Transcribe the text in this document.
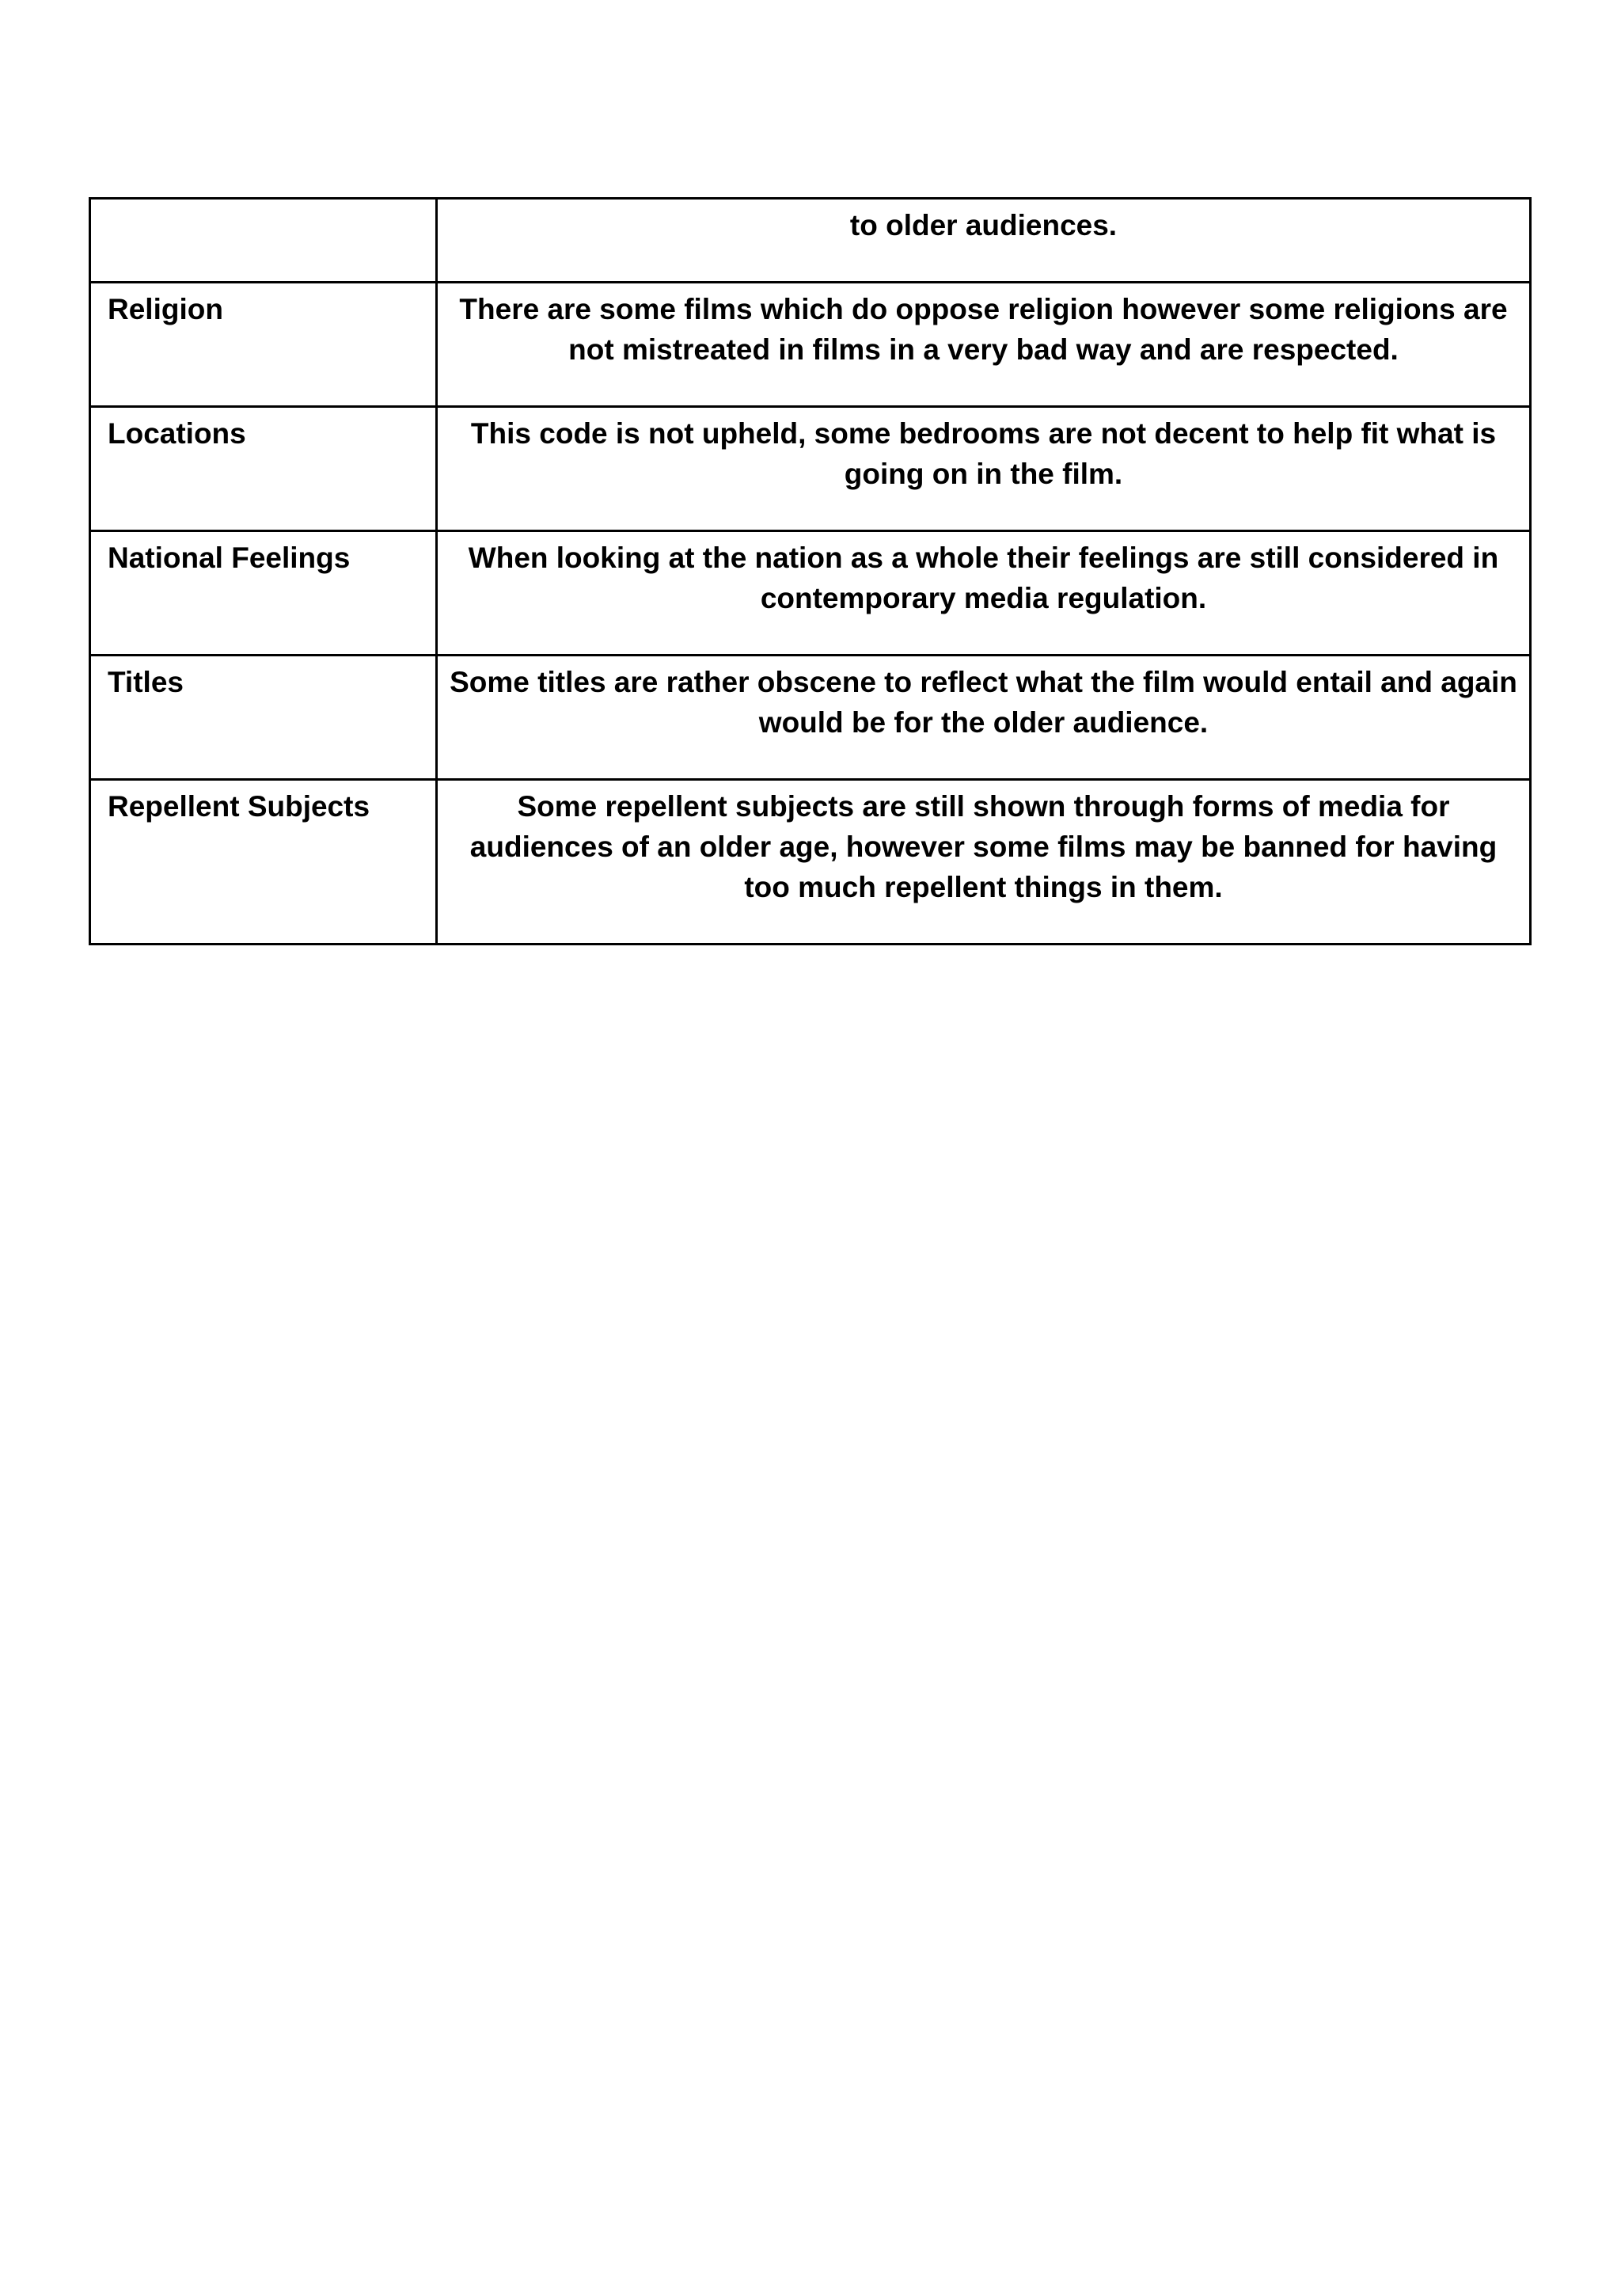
	to older audiences.
Religion	There are some films which do oppose religion however some religions are not mistreated in films in a very bad way and are respected.
Locations	This code is not upheld, some bedrooms are not decent to help fit what is going on in the film.
National Feelings	When looking at the nation as a whole their feelings are still considered in contemporary media regulation.
Titles	Some titles are rather obscene to reflect what the film would entail and again would be for the older audience.
Repellent Subjects	Some repellent subjects are still shown through forms of media for audiences of an older age, however some films may be banned for having too much repellent things in them.
